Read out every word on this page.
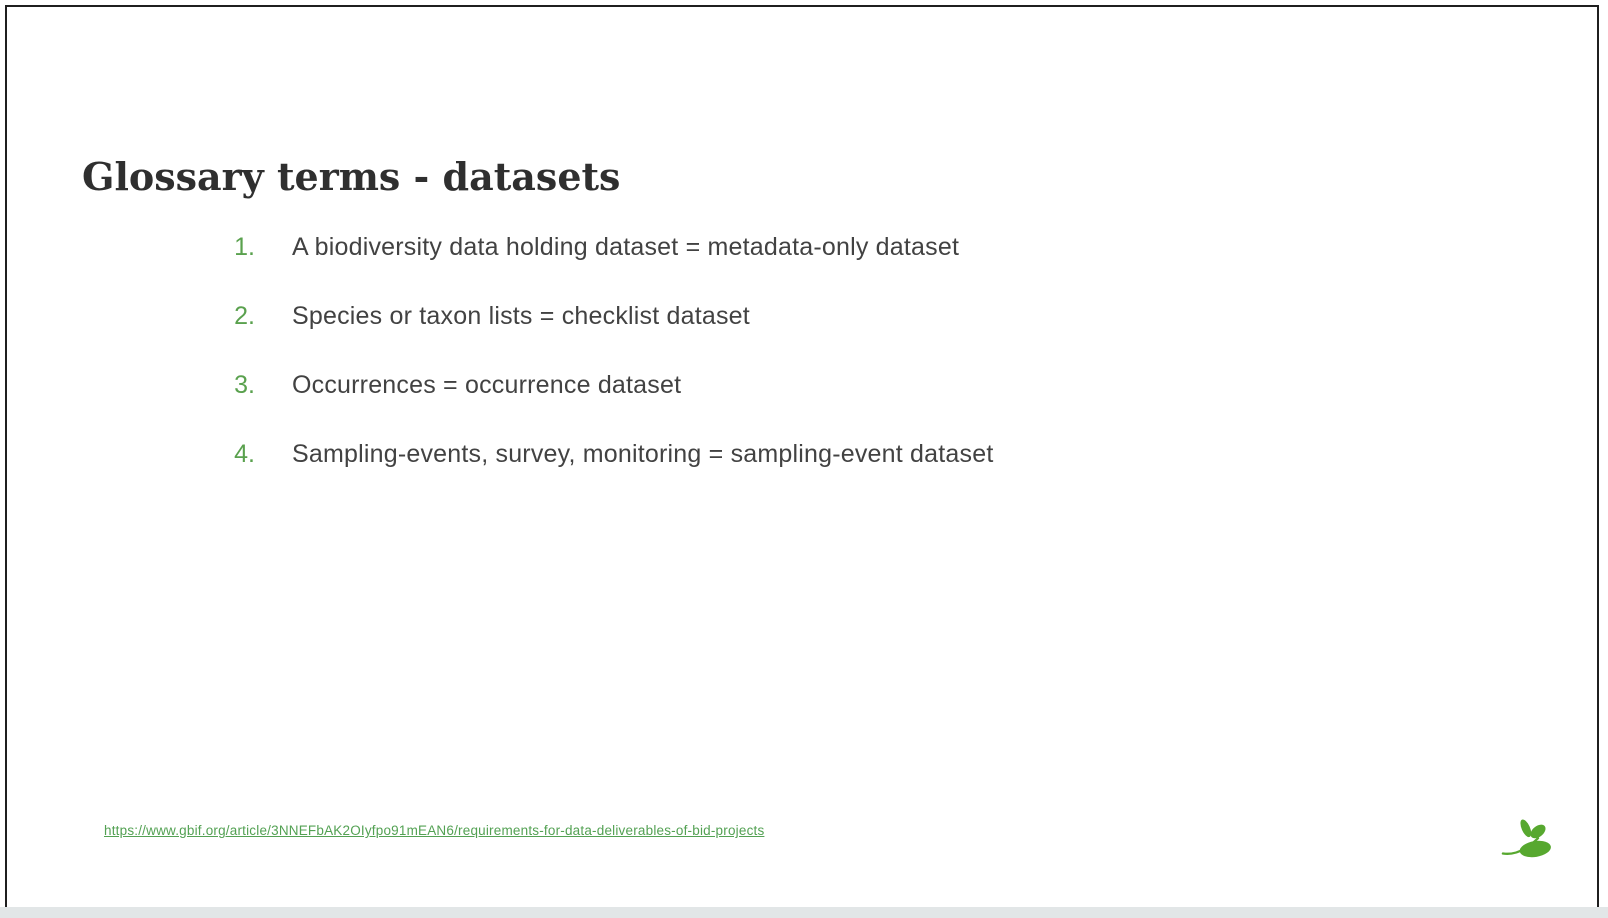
Glossary terms - datasets
1. A biodiversity data holding dataset = metadata-only dataset
2. Species or taxon lists = checklist dataset
3. Occurrences = occurrence dataset
4. Sampling-events, survey, monitoring = sampling-event dataset
https://www.gbif.org/article/3NNEFbAK2OIyfpo91mEAN6/requirements-for-data-deliverables-of-bid-projects
